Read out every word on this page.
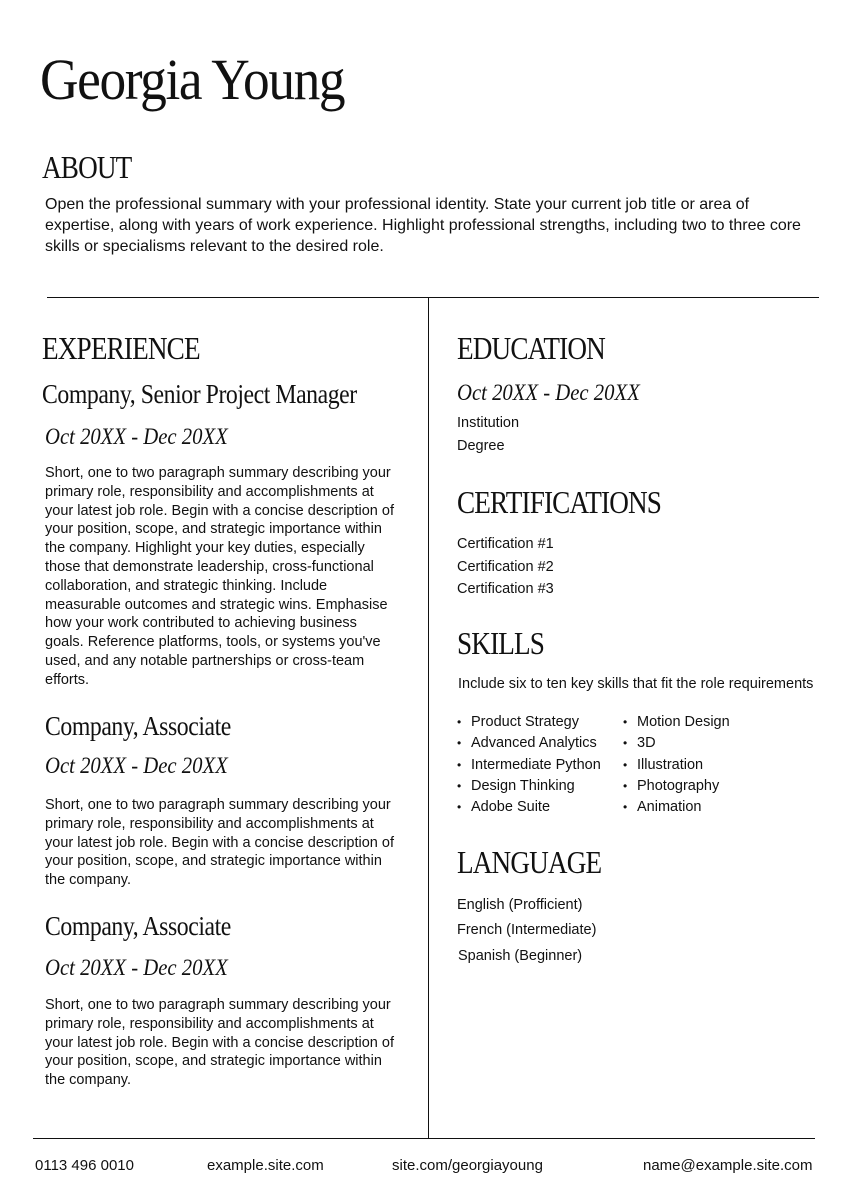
Georgia Young
ABOUT

Open the professional summary with your professional identity. State your current job title or area of expertise, along with years of work experience. Highlight professional strengths, including two to three core skills or specialisms relevant to the desired role.

EXPERIENCE
Company, Senior Project Manager

Oct 20XX - Dec 20XX

Short, one to two paragraph summary describing your primary role, responsibility and accomplishments at your latest job role. Begin with a concise description of your position, scope, and strategic importance within the company. Highlight your key duties, especially those that demonstrate leadership, cross-functional collaboration, and strategic thinking. Include measurable outcomes and strategic wins. Emphasise how your work contributed to achieving business goals. Reference platforms, tools, or systems you've used, and any notable partnerships or cross-team efforts.

Company, Associate

Oct 20XX - Dec 20XX

Short, one to two paragraph summary describing your primary role, responsibility and accomplishments at your latest job role. Begin with a concise description of your position, scope, and strategic importance within the company.

Company, Associate

Oct 20XX - Dec 20XX

Short, one to two paragraph summary describing your primary role, responsibility and accomplishments at your latest job role. Begin with a concise description of your position, scope, and strategic importance within the company.

EDUCATION

Oct 20XX - Dec 20XX

Institution

Degree

CERTIFICATIONS

Certification #1

Certification #2

Certification #3

SKILLS

Include six to ten key skills that fit the role requirements

• Product Strategy
• Advanced Analytics
• Intermediate Python
• Design Thinking
• Adobe Suite
• Motion Design
• 3D
• Illustration
• Photography
• Animation
LANGUAGE

English (Profficient)

French (Intermediate)

Spanish (Beginner)

0113 496 0010	example.site.com	site.com/georgiayoung	name@example.site.com
